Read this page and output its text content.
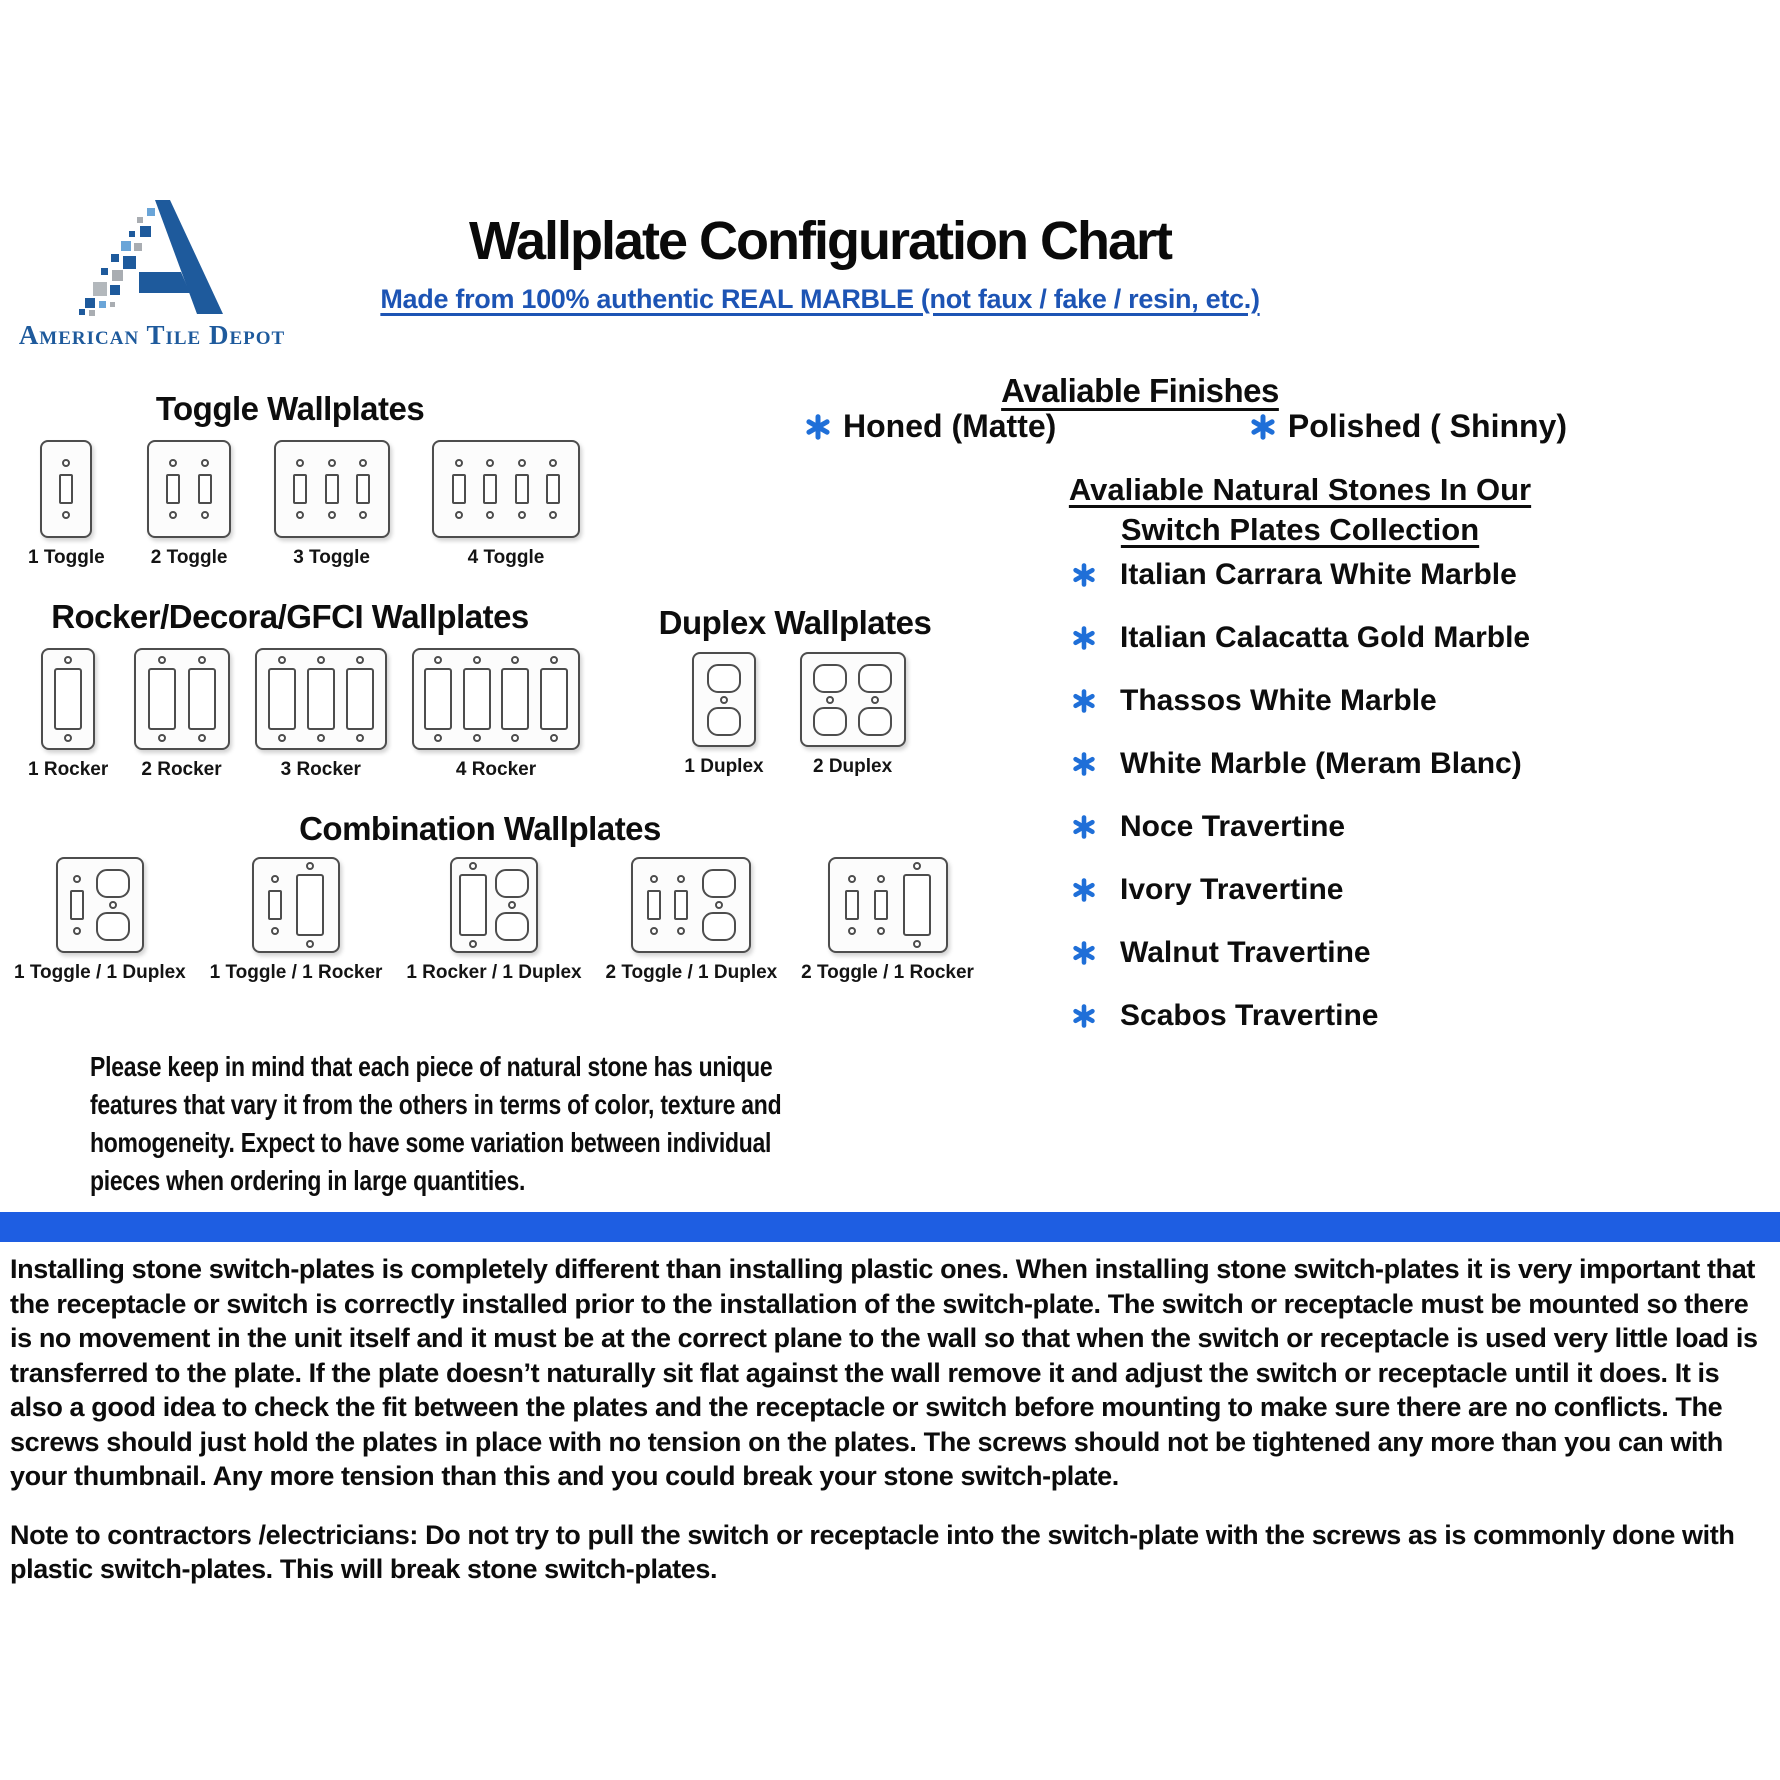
American Tile Depot
Wallplate Configuration Chart
Made from 100% authentic REAL MARBLE (not faux / fake / resin, etc.)
Toggle Wallplates
1 Toggle 2 Toggle	3 Toggle	4 Toggle
Rocker/Decora/GFCI Wallplates
1 Rocker 2 Rocker	3 Rocker	4 Rocker
Duplex Wallplates
1 Duplex	2 Duplex
Combination Wallplates
1 Toggle / 1 Duplex 1 Toggle / 1 Rocker 1 Rocker / 1 Duplex 2 Toggle / 1 Duplex 2 Toggle / 1 Rocker
Avaliable Finishes
Honed (Matte)	Polished ( Shinny)
Avaliable Natural Stones In Our
Switch Plates Collection
Italian Carrara White Marble
Italian Calacatta Gold Marble
Thassos White Marble
White Marble (Meram Blanc)
Noce Travertine
Ivory Travertine
Walnut Travertine
Scabos Travertine
Please keep in mind that each piece of natural stone has unique features that vary it from the others in terms of color, texture and homogeneity. Expect to have some variation between individual pieces when ordering in large quantities.
Installing stone switch-plates is completely different than installing plastic ones. When installing stone switch-plates it is very important that the receptacle or switch is correctly installed prior to the installation of the switch-plate. The switch or receptacle must be mounted so there is no movement in the unit itself and it must be at the correct plane to the wall so that when the switch or receptacle is used very little load is transferred to the plate. If the plate doesn’t naturally sit flat against the wall remove it and adjust the switch or receptacle until it does. It is also a good idea to check the fit between the plates and the receptacle or switch before mounting to make sure there are no conflicts. The screws should just hold the plates in place with no tension on the plates. The screws should not be tightened any more than you can with your thumbnail. Any more tension than this and you could break your stone switch-plate.
Note to contractors /electricians: Do not try to pull the switch or receptacle into the switch-plate with the screws as is commonly done with plastic switch-plates. This will break stone switch-plates.
